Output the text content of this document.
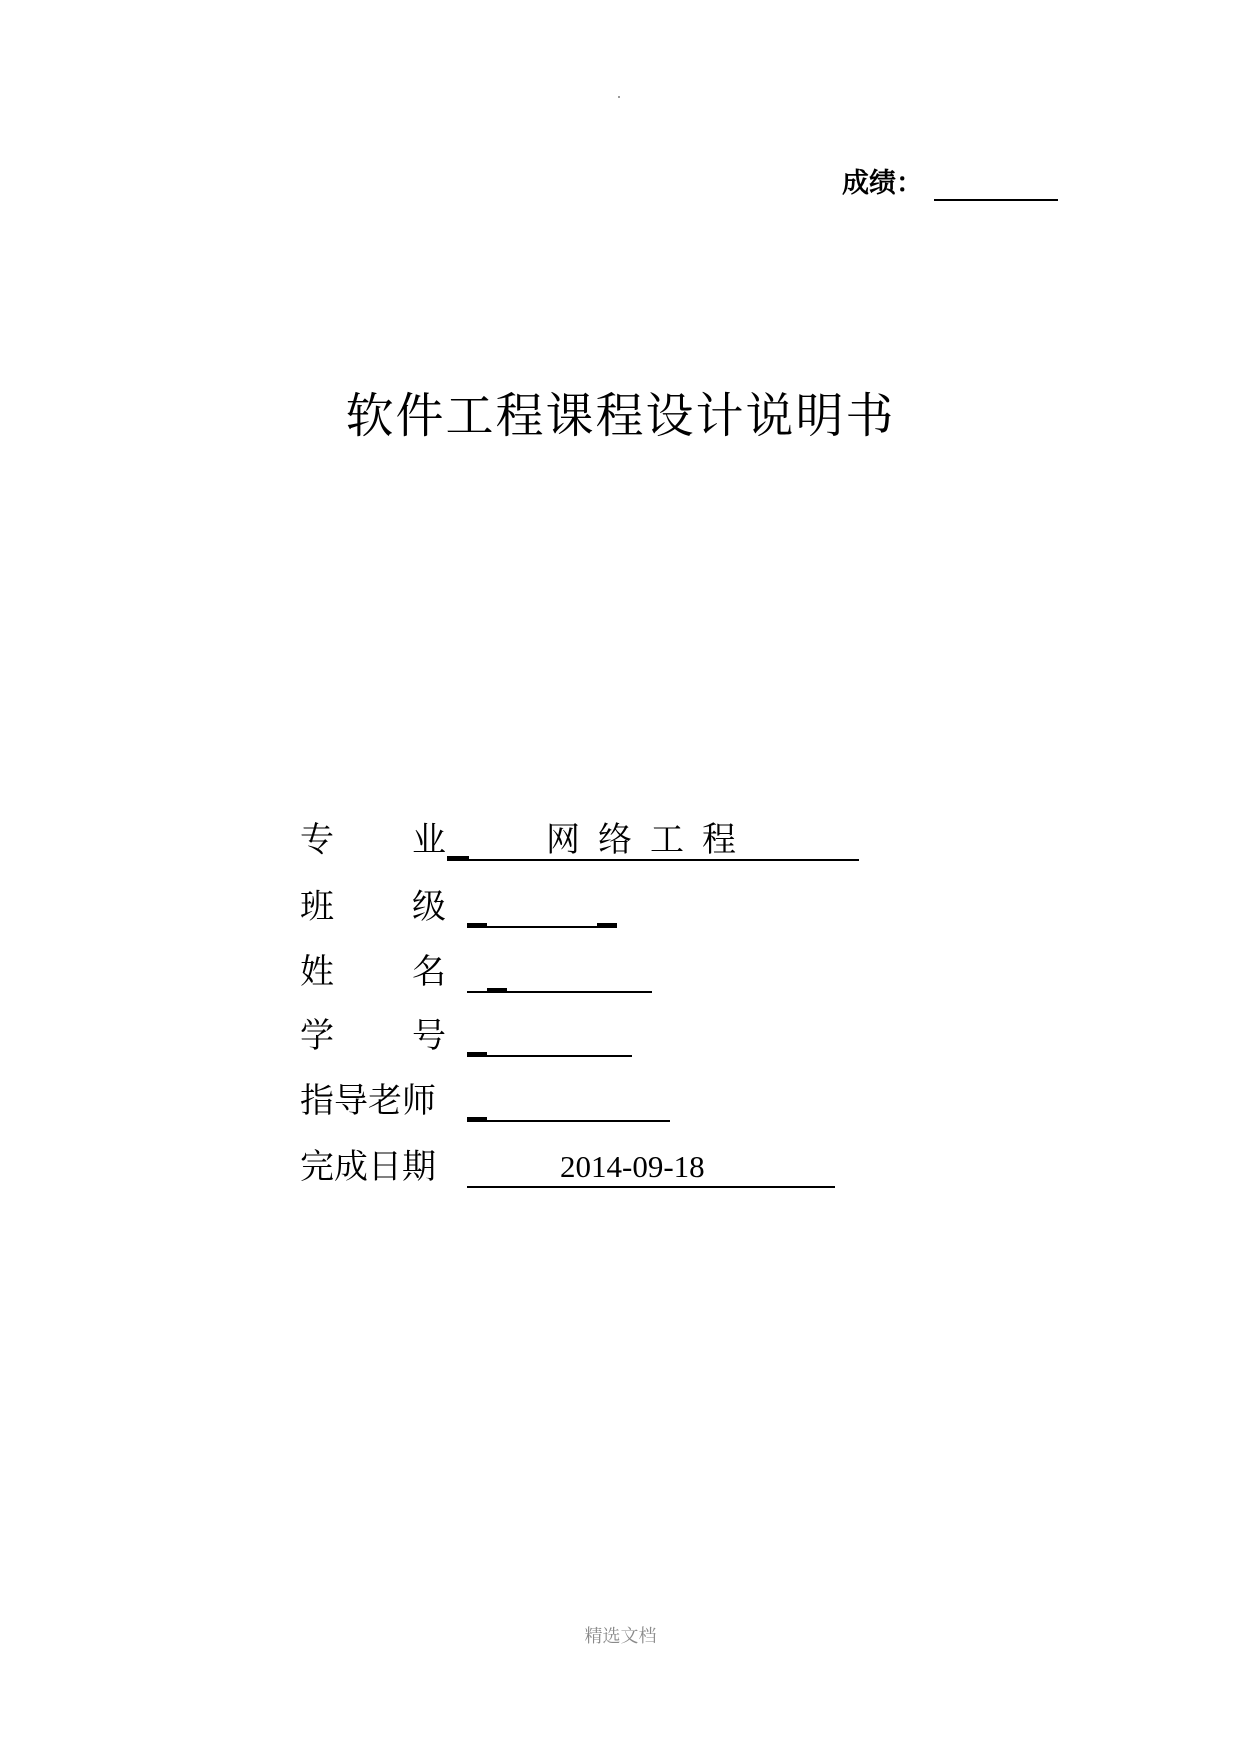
成绩：
软件工程课程设计说明书
专 业	网络工程
班 级
姓 名
学 号
指导老师
完成日期	2014-09-18
精选文档
